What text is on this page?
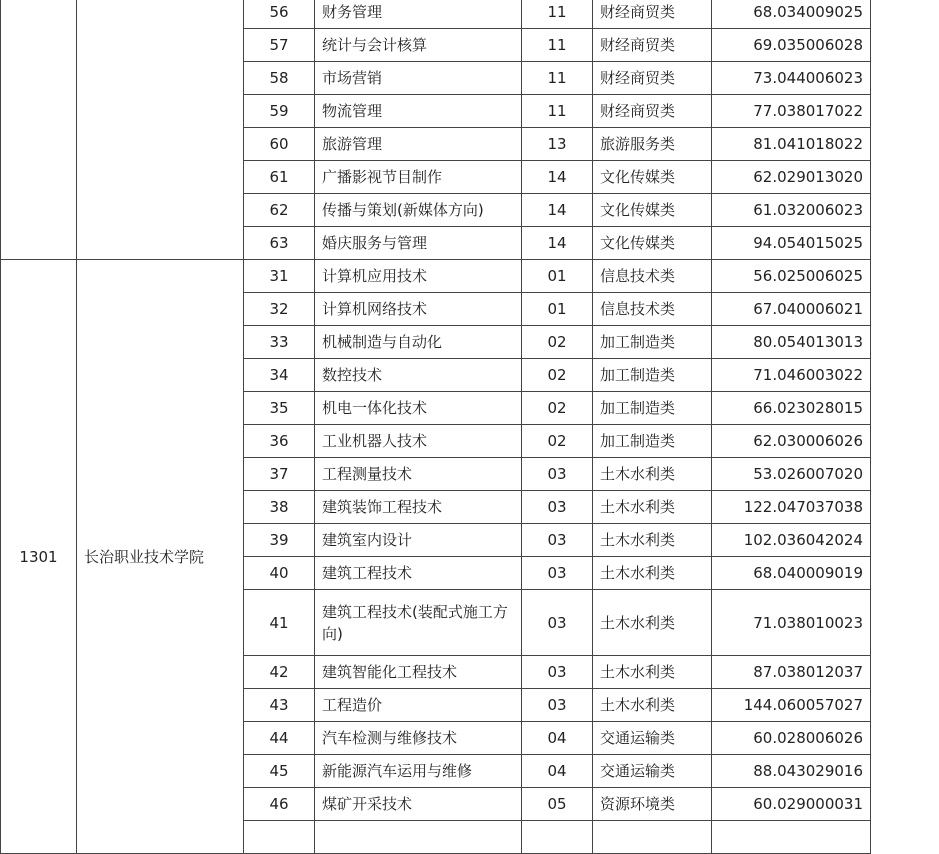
		56	财务管理	11	财经商贸类	68.034009025
		57	统计与会计核算	11	财经商贸类	69.035006028
		58	市场营销	11	财经商贸类	73.044006023
		59	物流管理	11	财经商贸类	77.038017022
		60	旅游管理	13	旅游服务类	81.041018022
		61	广播影视节目制作	14	文化传媒类	62.029013020
		62	传播与策划(新媒体方向)	14	文化传媒类	61.032006023
		63	婚庆服务与管理	14	文化传媒类	94.054015025
1301	长治职业技术学院	31	计算机应用技术	01	信息技术类	56.025006025
		32	计算机网络技术	01	信息技术类	67.040006021
		33	机械制造与自动化	02	加工制造类	80.054013013
		34	数控技术	02	加工制造类	71.046003022
		35	机电一体化技术	02	加工制造类	66.023028015
		36	工业机器人技术	02	加工制造类	62.030006026
		37	工程测量技术	03	土木水利类	53.026007020
		38	建筑装饰工程技术	03	土木水利类	122.047037038
		39	建筑室内设计	03	土木水利类	102.036042024
		40	建筑工程技术	03	土木水利类	68.040009019
		41	建筑工程技术(装配式施工方向)	03	土木水利类	71.038010023
		42	建筑智能化工程技术	03	土木水利类	87.038012037
		43	工程造价	03	土木水利类	144.060057027
		44	汽车检测与维修技术	04	交通运输类	60.028006026
		45	新能源汽车运用与维修	04	交通运输类	88.043029016
		46	煤矿开采技术	05	资源环境类	60.029000031
